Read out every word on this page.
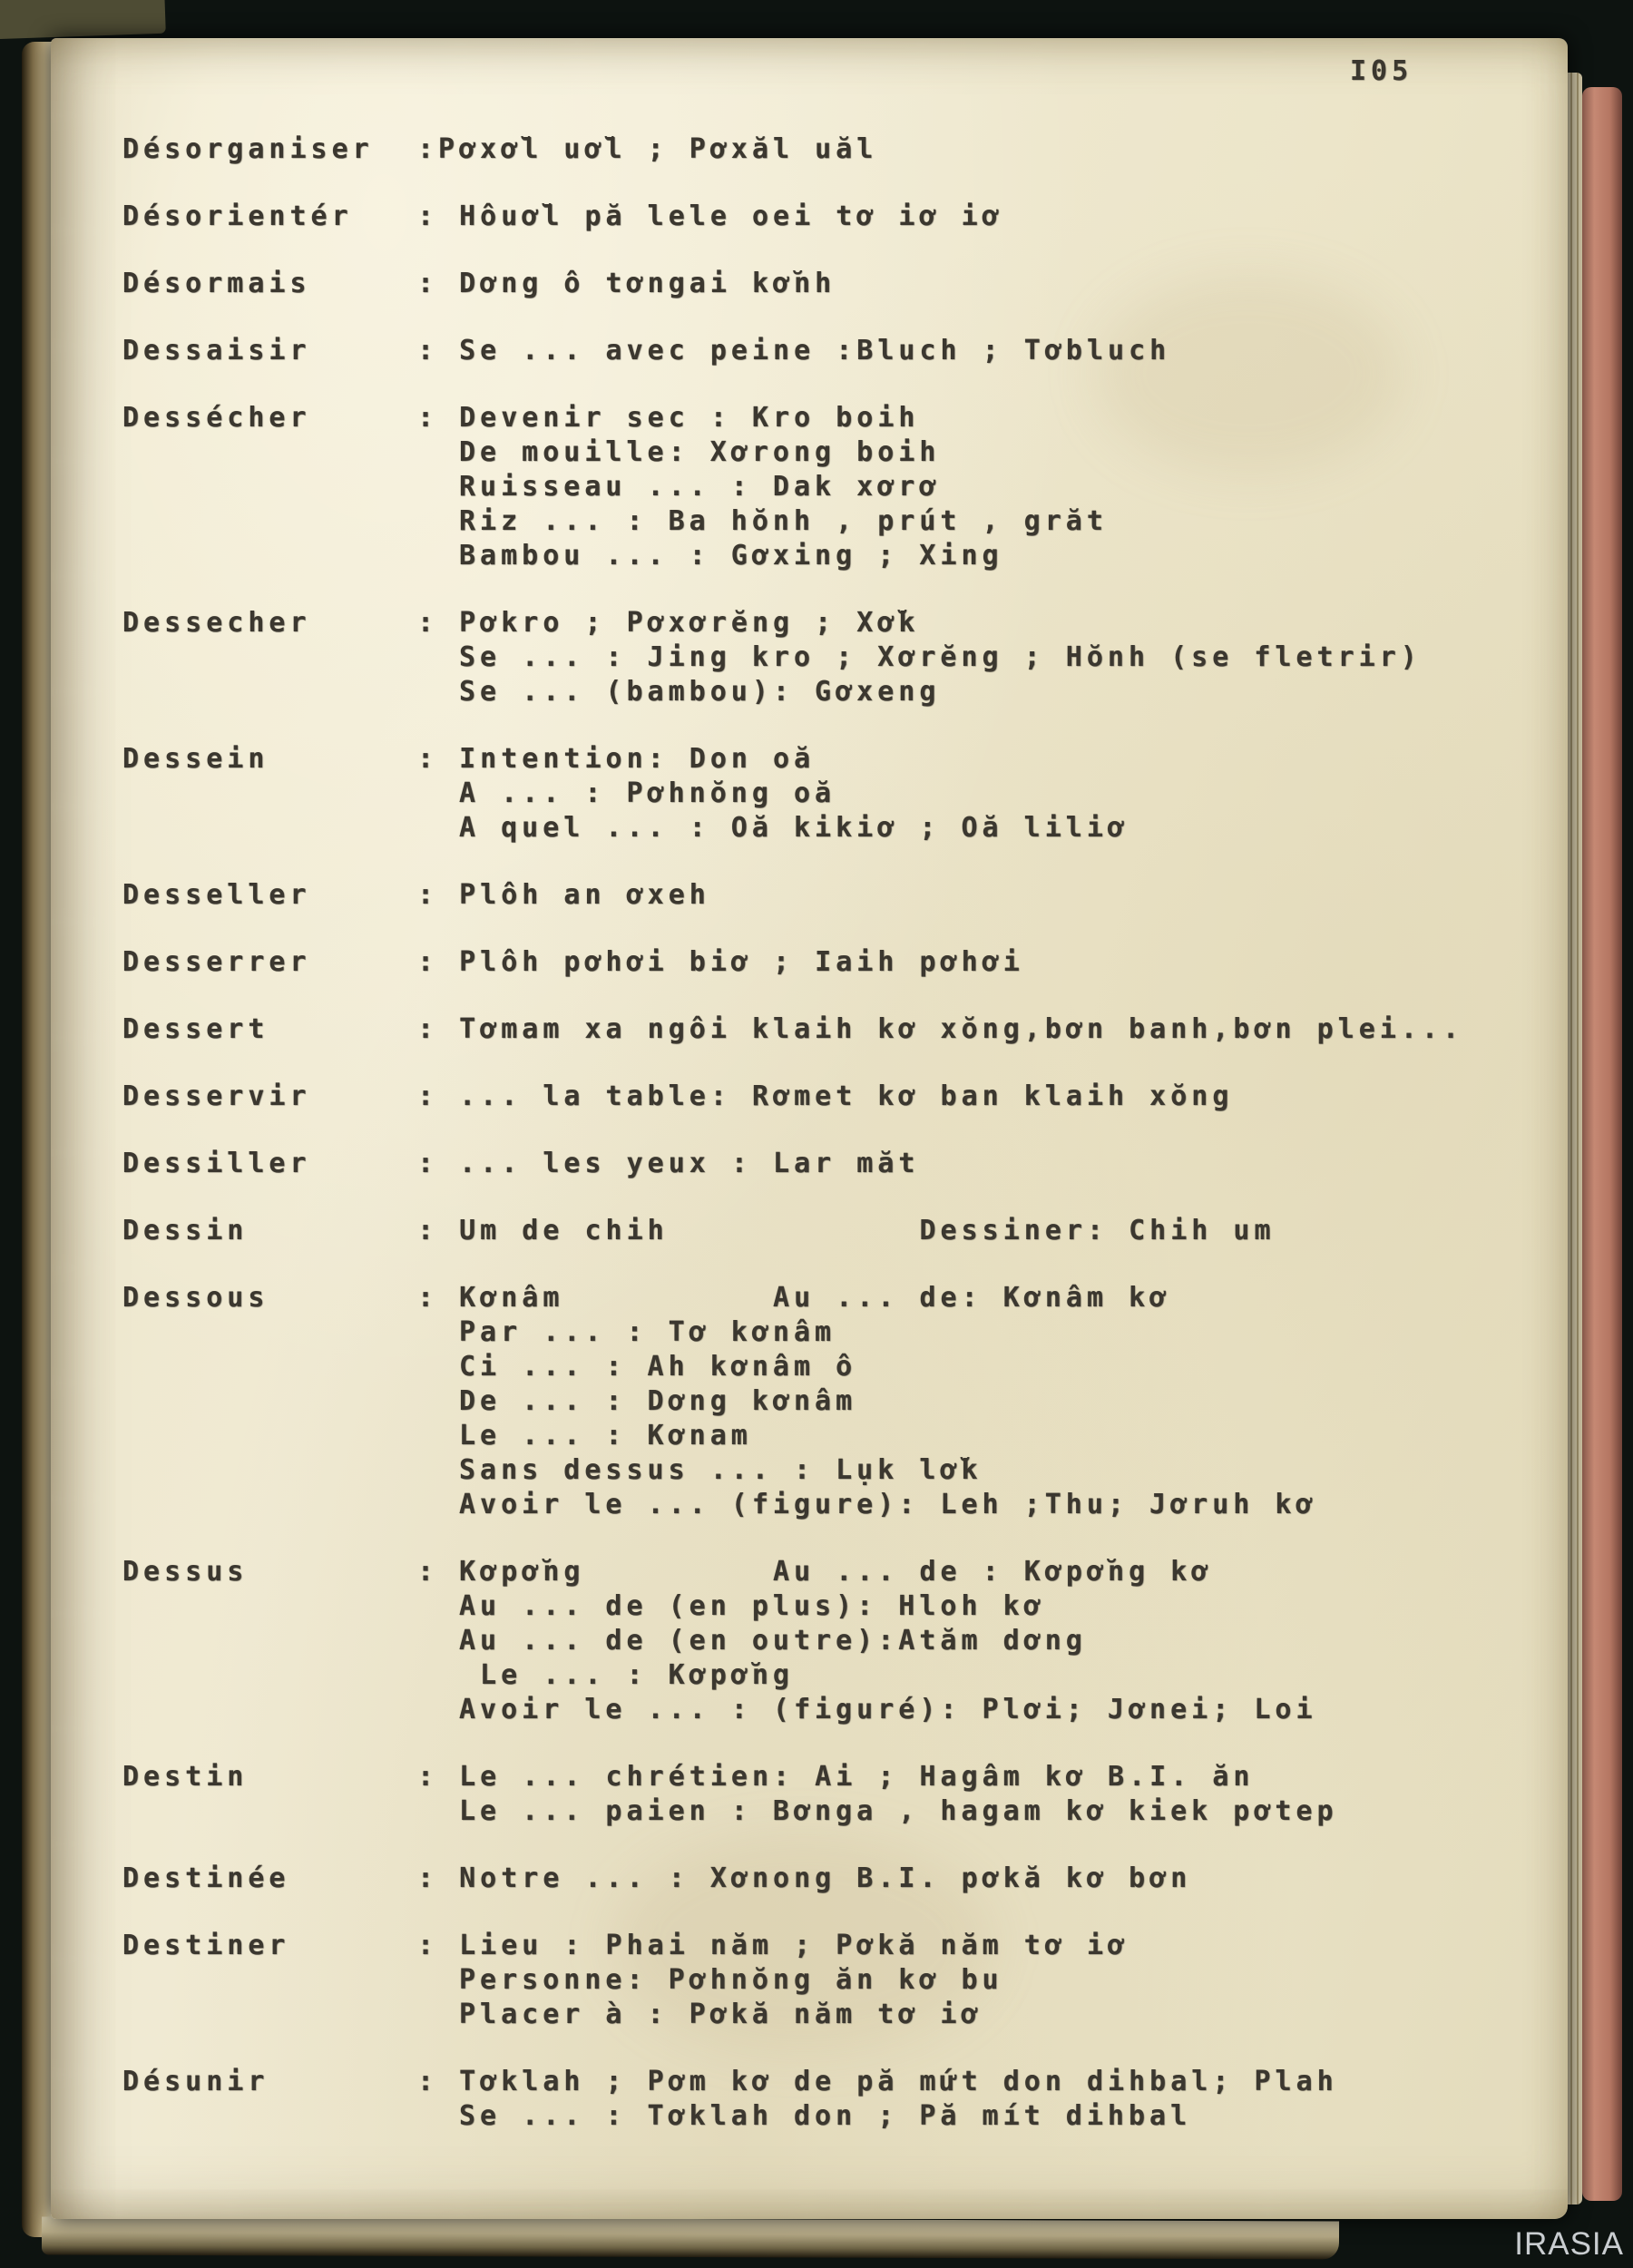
I05
Désorganiser	:Pơxơ̆l uơ̆l ; Pơxăl uăl
Désorientér	: Hôuơ̆l pă lele oei tơ iơ iơ
Désormais	: Dơng ô tơngai kơ̆nh
Dessaisir	: Se ... avec peine :Bluch ; Tơbluch
Dessécher	: Devenir sec : Kro boih
De mouille: Xơrong boih
Ruisseau ... : Dak xơrơ
Riz ... : Ba hŏnh , prút , grăt
Bambou ... : Gơxing ; Xing
Dessecher	: Pơkro ; Pơxơrĕng ; Xơ̆k
Se ... : Jing kro ; Xơrĕng ; Hŏnh (se fletrir)
Se ... (bambou): Gơxeng
Dessein	: Intention: Don oă
A ... : Pơhnŏng oă
A quel ... : Oă kikiơ ; Oă liliơ
Desseller	: Plôh an ơxeh
Desserrer	: Plôh pơhơi biơ ; Iaih pơhơi
Dessert	: Tơmam xa ngôi klaih kơ xŏng,bơn banh,bơn plei...
Desservir	: ... la table: Rơmet kơ ban klaih xŏng
Dessiller	: ... les yeux : Lar măt
Dessin	: Um de chih            Dessiner: Chih um
Dessous	: Kơnâm          Au ... de: Kơnâm kơ
Par ... : Tơ kơnâm
Ci ... : Ah kơnâm ô
De ... : Dơng kơnâm
Le ... : Kơnam
Sans dessus ... : Lụk lơ̆k
Avoir le ... (figure): Leh ;Thu; Jơruh kơ
Dessus	: Kơpơ̆ng         Au ... de : Kơpơ̆ng kơ
Au ... de (en plus): Hloh kơ
Au ... de (en outre):Atăm dơng
Le ... : Kơpơ̆ng
Avoir le ... : (figuré): Plơi; Jơnei; Loi
Destin	: Le ... chrétien: Ai ; Hagâm kơ B.I. ăn
Le ... paien : Bơnga , hagam kơ kiek pơtep
Destinée	: Notre ... : Xơnong B.I. pơkă kơ bơn
Destiner	: Lieu : Phai năm ; Pơkă năm tơ iơ
Personne: Pơhnŏng ăn kơ bu
Placer à : Pơkă năm tơ iơ
Désunir	: Tơklah ; Pơm kơ de pă mứt don dihbal; Plah
Se ... : Tơklah don ; Pă mít dihbal
IRASIA
